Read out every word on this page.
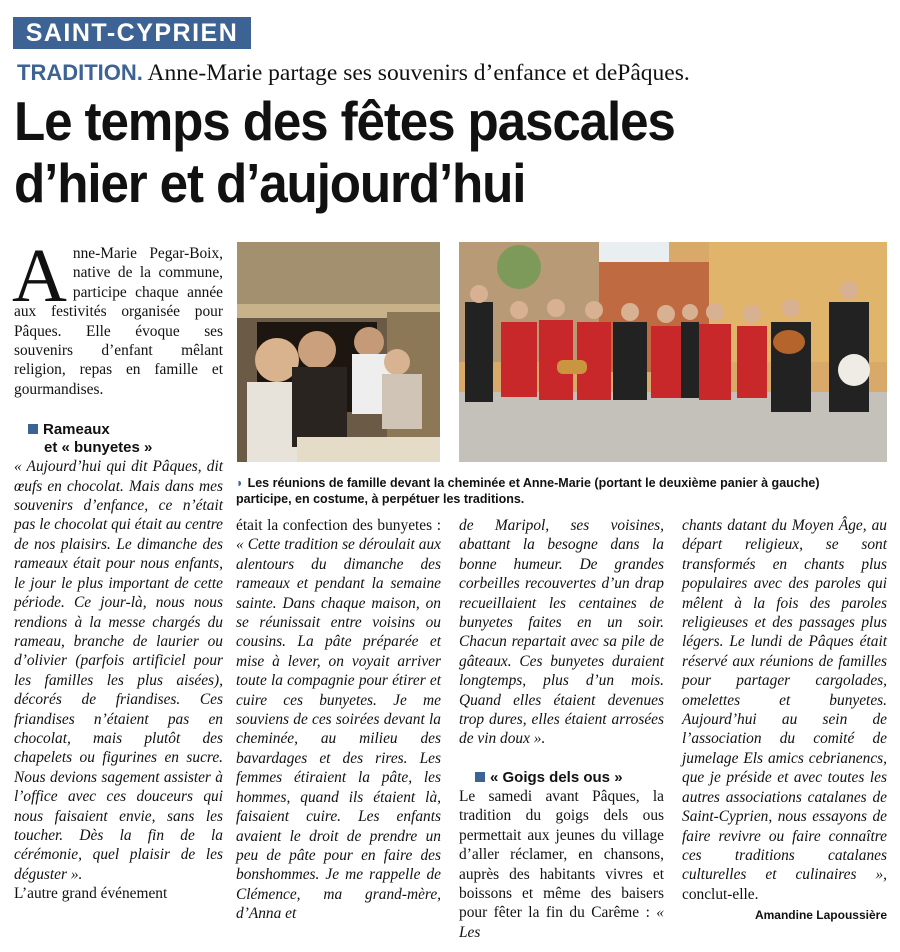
SAINT-CYPRIEN
TRADITION. Anne-Marie partage ses souvenirs d’enfance et dePâques.
Le temps des fêtes pascales
d’hier et d’aujourd’hui

Anne-Marie Pegar-Boix, native de la commune, participe chaque année aux festivités organisée pour Pâques. Elle évoque ses souvenirs d’enfant mêlant religion, repas en famille et gourmandises.

Rameaux

et « bunyetes »

« Aujourd’hui qui dit Pâques, dit œufs en chocolat. Mais dans mes souvenirs d’enfance, ce n’était pas le chocolat qui était au centre de nos plaisirs. Le dimanche des rameaux était pour nous enfants, le jour le plus important de cette période. Ce jour-là, nous nous rendions à la messe chargés du rameau, branche de laurier ou d’olivier (parfois artificiel pour les familles les plus aisées), décorés de friandises. Ces friandises n’étaient pas en chocolat, mais plutôt des chapelets ou figurines en sucre. Nous devions sagement assister à l’office avec ces douceurs qui nous faisaient envie, sans les toucher. Dès la fin de la cérémonie, quel plaisir de les déguster ».

L’autre grand événement

◗ Les réunions de famille devant la cheminée et Anne-Marie (portant le deuxième panier à gauche) participe, en costume, à perpétuer les traditions.

était la confection des bunyetes : « Cette tradition se déroulait aux alentours du dimanche des rameaux et pendant la semaine sainte. Dans chaque maison, on se réunissait entre voisins ou cousins. La pâte préparée et mise à lever, on voyait arriver toute la compagnie pour étirer et cuire ces bunyetes. Je me souviens de ces soirées devant la cheminée, au milieu des bavardages et des rires. Les femmes étiraient la pâte, les hommes, quand ils étaient là, faisaient cuire. Les enfants avaient le droit de prendre un peu de pâte pour en faire des bonshommes. Je me rappelle de Clémence, ma grand-mère, d’Anna et

de Maripol, ses voisines, abattant la besogne dans la bonne humeur. De grandes corbeilles recouvertes d’un drap recueillaient les centaines de bunyetes faites en un soir. Chacun repartait avec sa pile de gâteaux. Ces bunyetes duraient longtemps, plus d’un mois. Quand elles étaient devenues trop dures, elles étaient arrosées de vin doux ».

« Goigs dels ous »

Le samedi avant Pâques, la tradition du goigs dels ous permettait aux jeunes du village d’aller réclamer, en chansons, auprès des habitants vivres et boissons et même des baisers pour fêter la fin du Carême : « Les

chants datant du Moyen Âge, au départ religieux, se sont transformés en chants plus populaires avec des paroles qui mêlent à la fois des paroles religieuses et des passages plus légers. Le lundi de Pâques était réservé aux réunions de familles pour partager cargolades, omelettes et bunyetes. Aujourd’hui au sein de l’association du comité de jumelage Els amics cebrianencs, que je préside et avec toutes les autres associations catalanes de Saint-Cyprien, nous essayons de faire revivre ou faire connaître ces traditions catalanes culturelles et culinaires », conclut-elle.

Amandine Lapoussière
